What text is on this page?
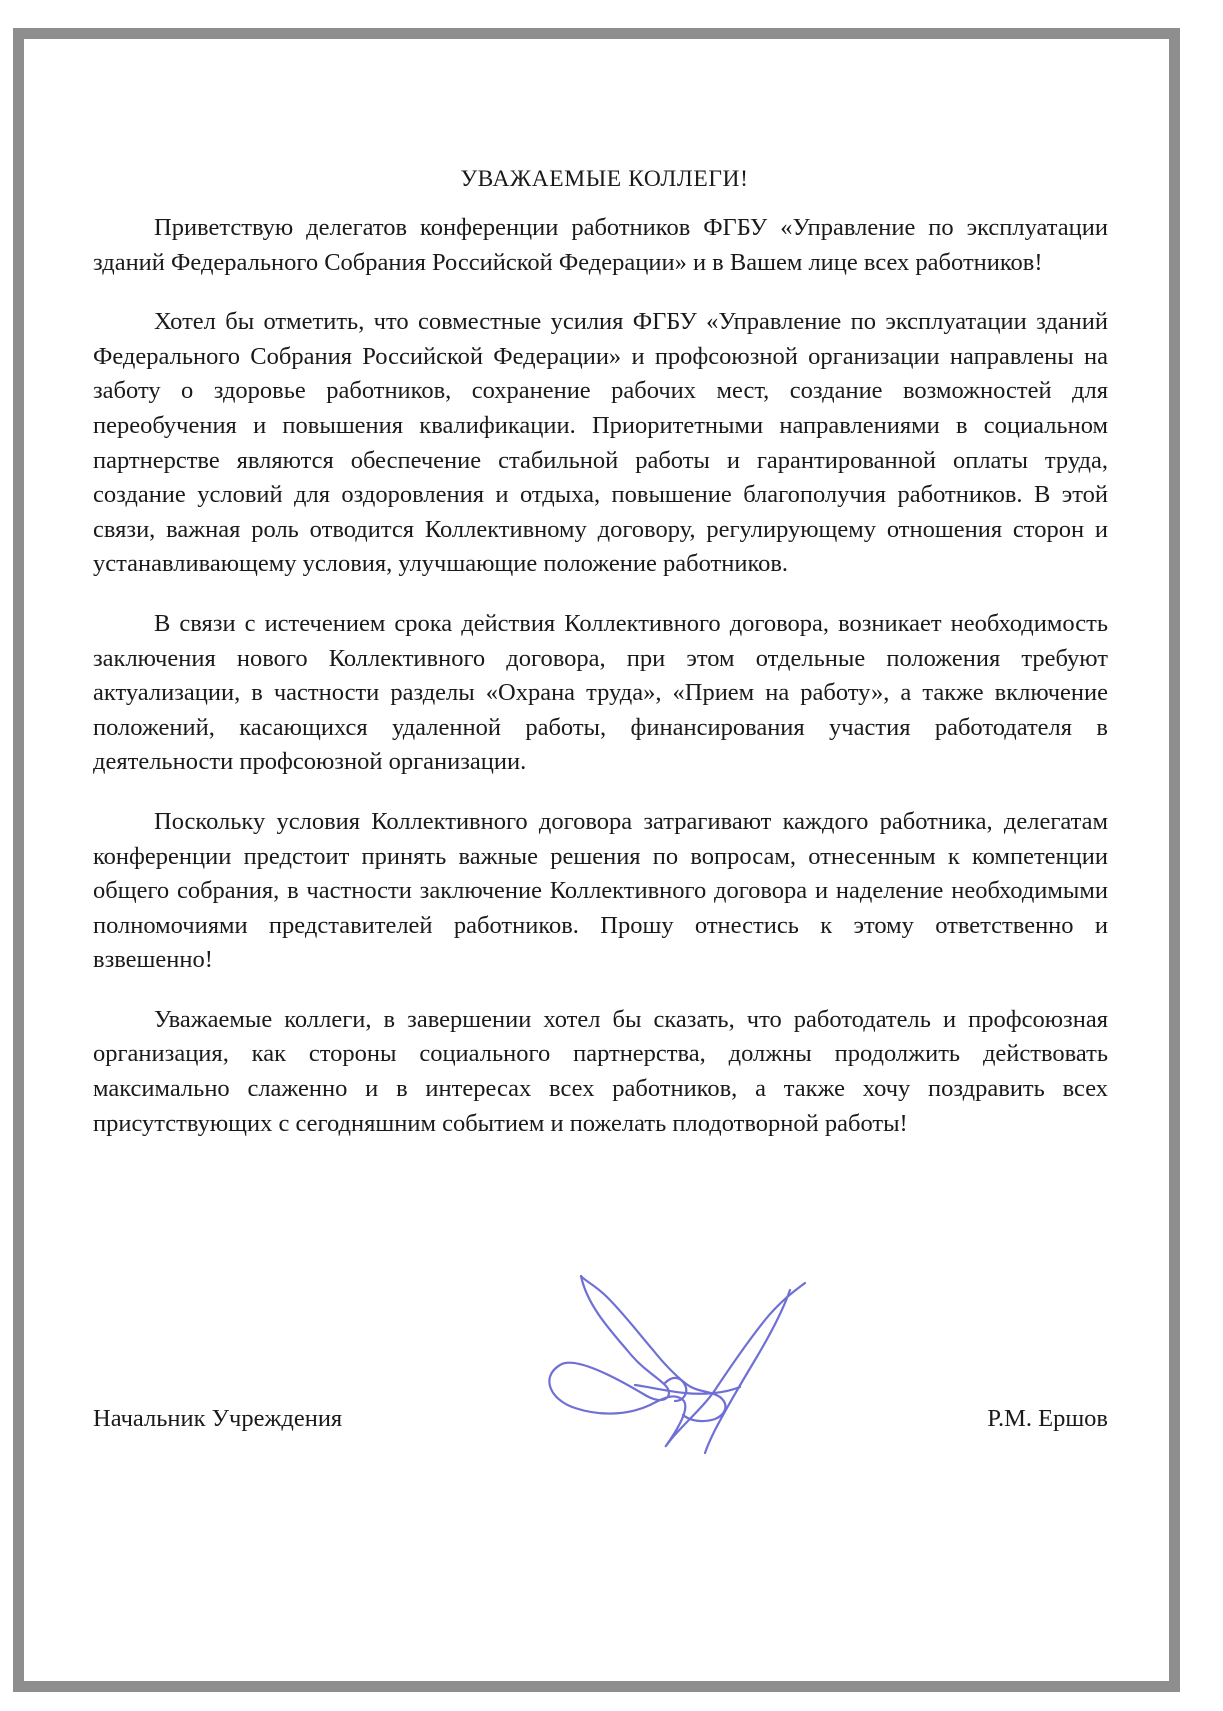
УВАЖАЕМЫЕ КОЛЛЕГИ!

Приветствую делегатов конференции работников ФГБУ «Управление по эксплуатации зданий Федерального Собрания Российской Федерации» и в Вашем лице всех работников!

Хотел бы отметить, что совместные усилия ФГБУ «Управление по эксплуатации зданий Федерального Собрания Российской Федерации» и профсоюзной организации направлены на заботу о здоровье работников, сохранение рабочих мест, создание возможностей для переобучения и повышения квалификации. Приоритетными направлениями в социальном партнерстве являются обеспечение стабильной работы и гарантированной оплаты труда, создание условий для оздоровления и отдыха, повышение благополучия работников. В этой связи, важная роль отводится Коллективному договору, регулирующему отношения сторон и устанавливающему условия, улучшающие положение работников.

В связи с истечением срока действия Коллективного договора, возникает необходимость заключения нового Коллективного договора, при этом отдельные положения требуют актуализации, в частности разделы «Охрана труда», «Прием на работу», а также включение положений, касающихся удаленной работы, финансирования участия работодателя в деятельности профсоюзной организации.

Поскольку условия Коллективного договора затрагивают каждого работника, делегатам конференции предстоит принять важные решения по вопросам, отнесенным к компетенции общего собрания, в частности заключение Коллективного договора и наделение необходимыми полномочиями представителей работников. Прошу отнестись к этому ответственно и взвешенно!

Уважаемые коллеги, в завершении хотел бы сказать, что работодатель и профсоюзная организация, как стороны социального партнерства, должны продолжить действовать максимально слаженно и в интересах всех работников, а также хочу поздравить всех присутствующих с сегодняшним событием и пожелать плодотворной работы!

Начальник Учреждения	Р.М. Ершов
